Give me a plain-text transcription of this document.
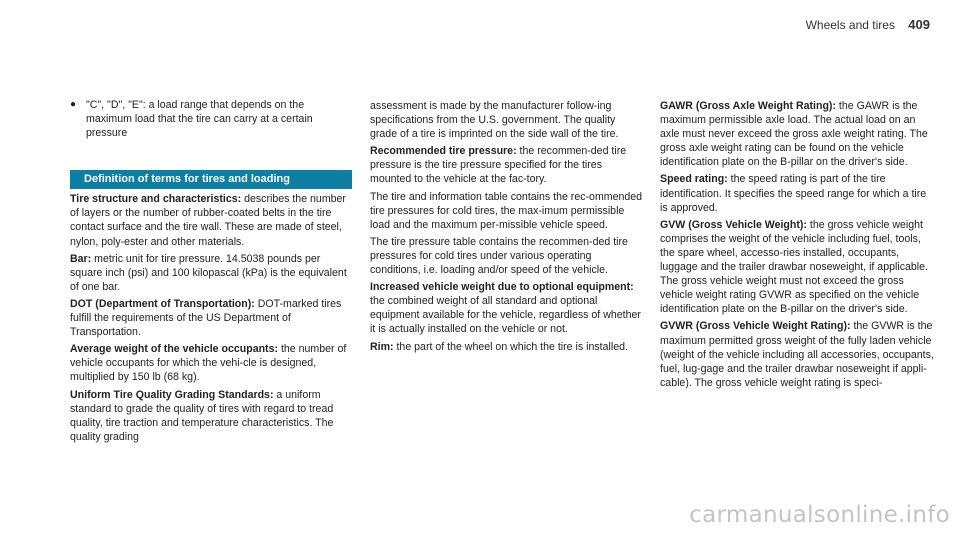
Wheels and tires 409
● "C", "D", "E": a load range that depends on the maximum load that the tire can carry at a certain pressure
Definition of terms for tires and loading

Tire structure and characteristics: describes the number of layers or the number of rubber-coated belts in the tire contact surface and the tire wall. These are made of steel, nylon, poly-ester and other materials.

Bar: metric unit for tire pressure. 14.5038 pounds per square inch (psi) and 100 kilopascal (kPa) is the equivalent of one bar.

DOT (Department of Transportation): DOT-marked tires fulfill the requirements of the US Department of Transportation.

Average weight of the vehicle occupants: the number of vehicle occupants for which the vehi-cle is designed, multiplied by 150 lb (68 kg).

Uniform Tire Quality Grading Standards: a uniform standard to grade the quality of tires with regard to tread quality, tire traction and temperature characteristics. The quality grading

assessment is made by the manufacturer follow-ing specifications from the U.S. government. The quality grade of a tire is imprinted on the side wall of the tire.

Recommended tire pressure: the recommen-ded tire pressure is the tire pressure specified for the tires mounted to the vehicle at the fac-tory.

The tire and information table contains the rec-ommended tire pressures for cold tires, the max-imum permissible load and the maximum per-missible vehicle speed.

The tire pressure table contains the recommen-ded tire pressures for cold tires under various operating conditions, i.e. loading and/or speed of the vehicle.

Increased vehicle weight due to optional equipment: the combined weight of all standard and optional equipment available for the vehicle, regardless of whether it is actually installed on the vehicle or not.

Rim: the part of the wheel on which the tire is installed.

GAWR (Gross Axle Weight Rating): the GAWR is the maximum permissible axle load. The actual load on an axle must never exceed the gross axle weight rating. The gross axle weight rating can be found on the vehicle identification plate on the B-pillar on the driver's side.

Speed rating: the speed rating is part of the tire identification. It specifies the speed range for which a tire is approved.

GVW (Gross Vehicle Weight): the gross vehicle weight comprises the weight of the vehicle including fuel, tools, the spare wheel, accesso-ries installed, occupants, luggage and the trailer drawbar noseweight, if applicable. The gross vehicle weight must not exceed the gross vehicle weight rating GVWR as specified on the vehicle identification plate on the B-pillar on the driver's side.

GVWR (Gross Vehicle Weight Rating): the GVWR is the maximum permitted gross weight of the fully laden vehicle (weight of the vehicle including all accessories, occupants, fuel, lug-gage and the trailer drawbar noseweight if appli-cable). The gross vehicle weight rating is speci-

carmanualsonline.info
